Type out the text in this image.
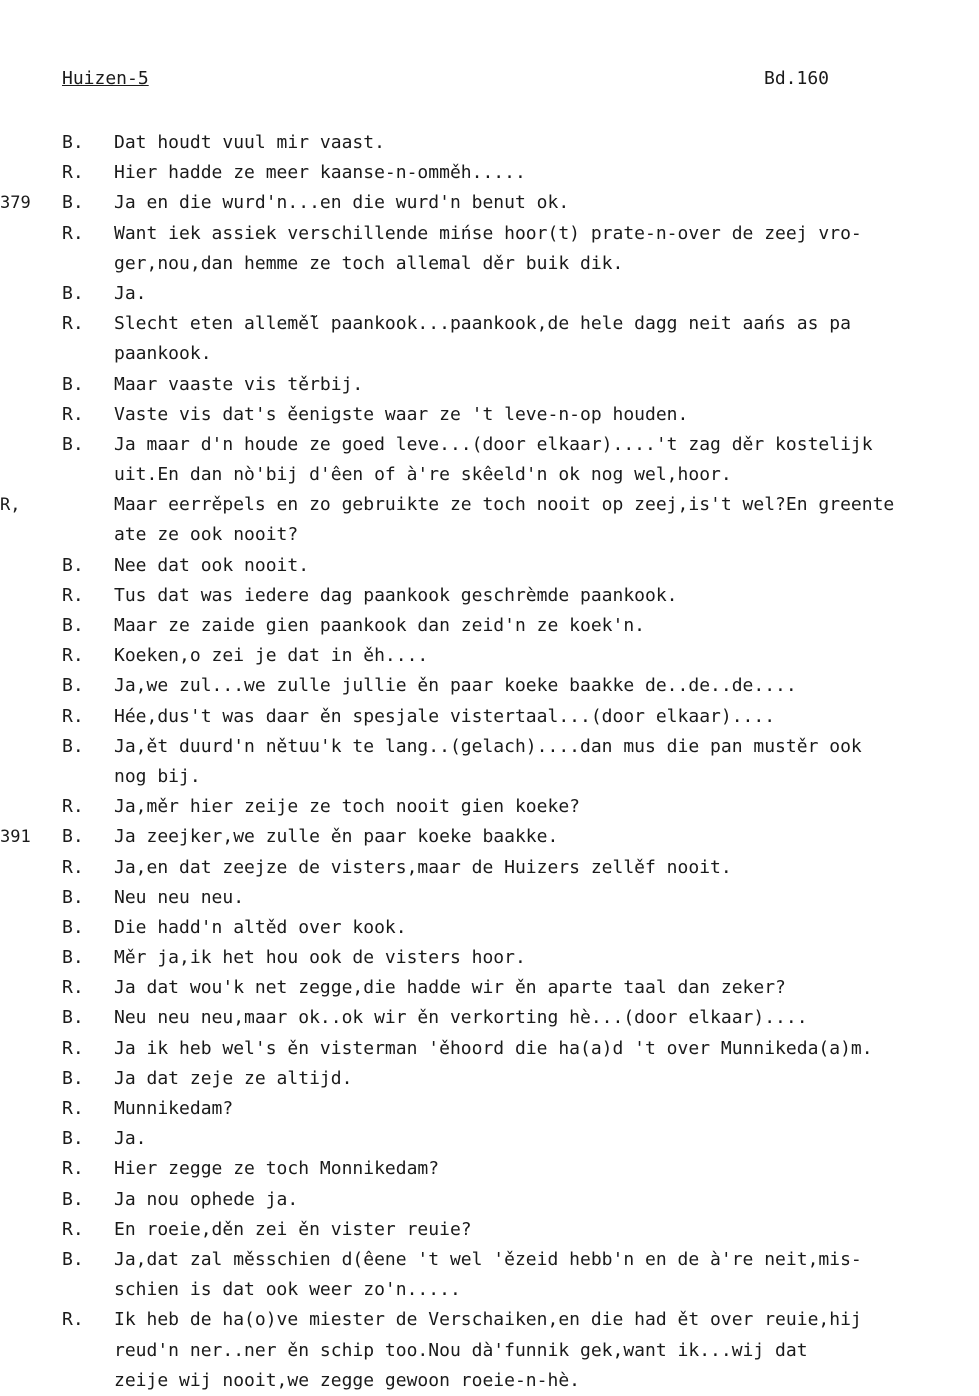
Huizen-5	Bd.160
B. Dat houdt vuul mir vaast.
R. Hier hadde ze meer kaanse-n-omměh.....
379	B. Ja en die wurd'n...en die wurd'n benut ok.
R. Want iek assiek verschillende mińse hoor(t) prate-n-over de zeej vro-
ger,nou,dan hemme ze toch allemal děr buik dik.
B. Ja.
R. Slecht eten allemě̆l paankook...paankook,de hele dagg neit aańs as pa
paankook.
B. Maar vaaste vis těrbij.
R. Vaste vis dat's ěenigste waar ze 't leve-n-op houden.
B. Ja maar d'n houde ze goed leve...(door elkaar)....'t zag děr kostelijk
uit.En dan nò'bij d'êen of à're skêeld'n ok nog wel,hoor.
R,	Maar eerrěpels en zo gebruikte ze toch nooit op zeej,is't wel?En greente
ate ze ook nooit?
B. Nee dat ook nooit.
R. Tus dat was iedere dag paankook geschrèmde paankook.
B. Maar ze zaide gien paankook dan zeid'n ze koek'n.
R. Koeken,o zei je dat in ěh....
B. Ja,we zul...we zulle jullie ěn paar koeke baakke de..de..de....
R. Hée,dus't was daar ěn spesjale vistertaal...(door elkaar)....
B. Ja,ět duurd'n nětuu'k te lang..(gelach)....dan mus die pan mustěr ook
nog bij.
R. Ja,měr hier zeije ze toch nooit gien koeke?
391	B. Ja zeejker,we zulle ěn paar koeke baakke.
R. Ja,en dat zeejze de visters,maar de Huizers zellěf nooit.
B. Neu neu neu.
B. Die hadd'n altěd over kook.
B. Měr ja,ik het hou ook de visters hoor.
R. Ja dat wou'k net zegge,die hadde wir ěn aparte taal dan zeker?
B. Neu neu neu,maar ok..ok wir ěn verkorting hè...(door elkaar)....
R. Ja ik heb wel's ěn visterman 'ěhoord die ha(a)d 't over Munnikeda(a)m.
B. Ja dat zeje ze altijd.
R. Munnikedam?
B. Ja.
R. Hier zegge ze toch Monnikedam?
B. Ja nou ophede ja.
R. En roeie,děn zei ěn vister reuie?
B. Ja,dat zal měsschien d(êene 't wel 'ězeid hebb'n en de à're neit,mis-
schien is dat ook weer zo'n.....
R. Ik heb de ha(o)ve miester de Verschaiken,en die had ět over reuie,hij
reud'n ner..ner ěn schip too.Nou dà'funnik gek,want ik...wij dat
zeije wij nooit,we zegge gewoon roeie-n-hè.
